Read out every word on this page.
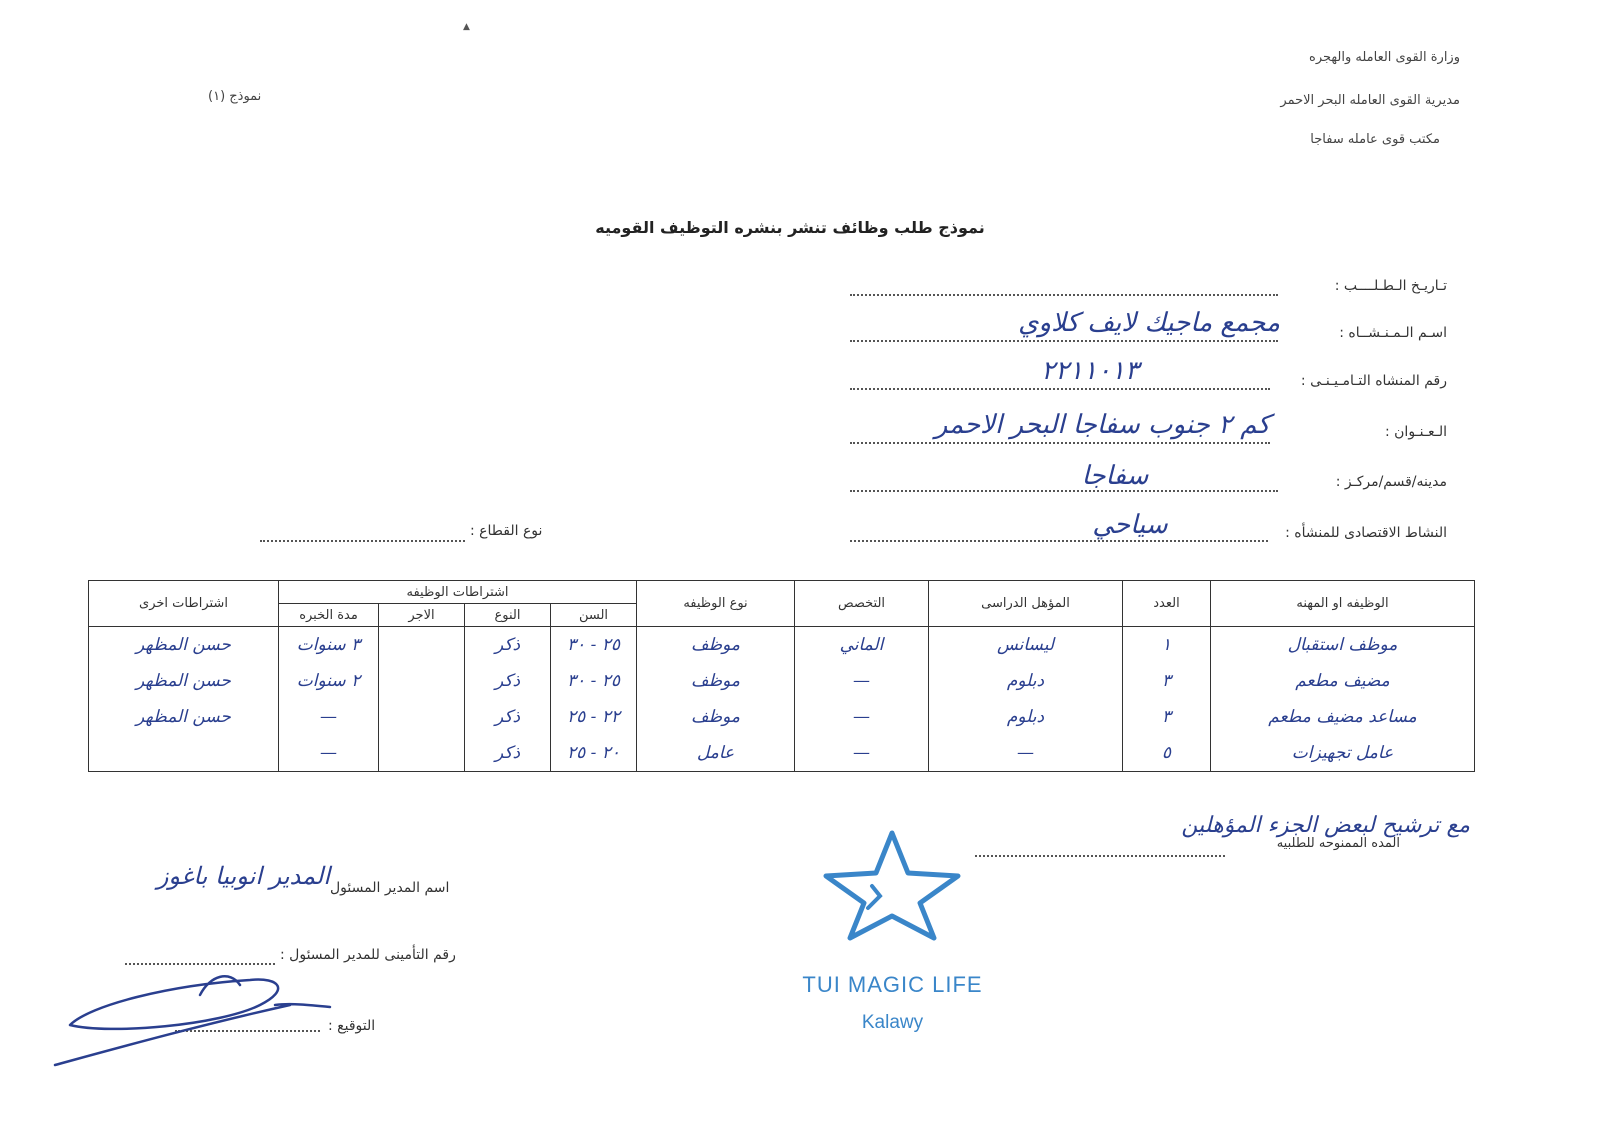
وزارة القوى العامله والهجره
مديرية القوى العامله البحر الاحمر
مكتب قوى عامله سفاجا
نموذج (١)
▲
نموذج طلب وظائف تنشر بنشره التوظيف القوميه
تـاريـخ الـطـلــــب :
اسـم الـمـنـشــاه :
مجمع ماجيك لايف كلاوي
رقم المنشاه التـامـيـنـى :
٢٢١١٠١٣
الـعـنـوان :
كم ٢ جنوب سفاجا البحر الاحمر
مدينه/قسم/مركـز :
سفاجا
النشاط الاقتصادى للمنشأه :
سياحي
نوع القطاع :
الوظيفه او المهنه	العدد	المؤهل الدراسى	التخصص	نوع الوظيفه	اشتراطات الوظيفه				اشتراطات اخرى
					السن	النوع	الاجر	مدة الخبره	
موظف استقبال	١	ليسانس	الماني	موظف	٢٥ - ٣٠	ذكر		٣ سنوات	حسن المظهر
مضيف مطعم	٣	دبلوم	—	موظف	٢٥ - ٣٠	ذكر		٢ سنوات	حسن المظهر
مساعد مضيف مطعم	٣	دبلوم	—	موظف	٢٢ - ٢٥	ذكر		—	حسن المظهر
عامل تجهيزات	٥	—	—	عامل	٢٠ - ٢٥	ذكر		—	
مع ترشيح لبعض الجزء المؤهلين
المده الممنوحه للطلبيه
اسم المدير المسئول
المدير انوبيا باغوز
رقم التأمينى للمدير المسئول :
التوقيع :
TUI MAGIC LIFE
Kalawy
